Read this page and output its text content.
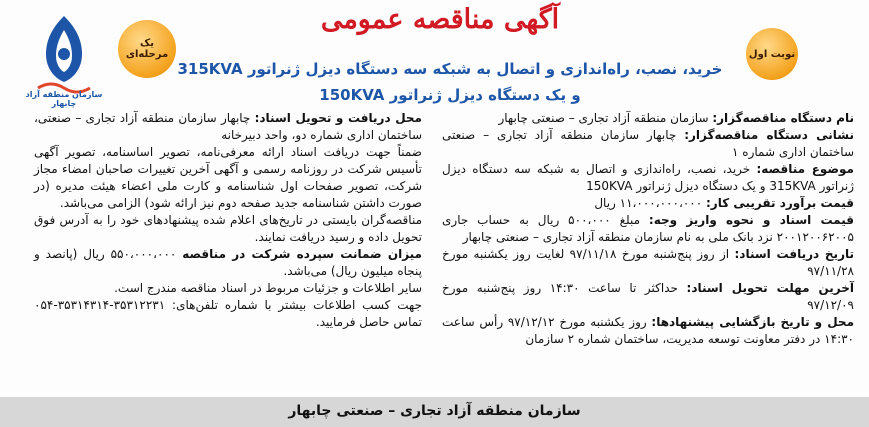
سازمان منطقه آزاد چابهار
یک مرحله‌ای	نوبت اول
آگهی مناقصه عمومی
خرید، نصب، راه‌اندازی و اتصال به شبکه سه دستگاه دیزل ژنراتور 315KVA
و یک دستگاه دیزل ژنراتور 150KVA

نام دستگاه مناقصه‌گزار: سازمان منطقه آزاد تجاری – صنعتی چابهار

نشانی دستگاه مناقصه‌گزار: چابهار سازمان منطقه آزاد تجاری – صنعتی ساختمان اداری شماره ۱

موضوع مناقصه: خرید، نصب، راه‌اندازی و اتصال به شبکه سه دستگاه دیزل ژنراتور 315KVA و یک دستگاه دیزل ژنراتور 150KVA

قیمت برآورد تقریبی کار: ۱۱،۰۰۰،۰۰۰،۰۰۰ ریال

قیمت اسناد و نحوه واریز وجه: مبلغ ۵۰۰،۰۰۰ ریال به حساب جاری ۲۰۰۱۲۰۰۶۲۰۰۵ نزد بانک ملی به نام سازمان منطقه آزاد تجاری – صنعتی چابهار

تاریخ دریافت اسناد: از روز پنج‌شنبه مورخ ۹۷/۱۱/۱۸ لغایت روز یکشنبه مورخ ۹۷/۱۱/۲۸

آخرین مهلت تحویل اسناد: حداکثر تا ساعت ۱۴:۳۰ روز پنج‌شنبه مورخ ۹۷/۱۲/۰۹

محل و تاریخ بازگشایی پیشنهادها: روز یکشنبه مورخ ۹۷/۱۲/۱۲ رأس ساعت ۱۴:۳۰ در دفتر معاونت توسعه مدیریت، ساختمان شماره ۲ سازمان

محل دریافت و تحویل اسناد: چابهار سازمان منطقه آزاد تجاری – صنعتی، ساختمان اداری شماره دو، واحد دبیرخانه

ضمناً جهت دریافت اسناد ارائه معرفی‌نامه، تصویر اساسنامه، تصویر آگهی تأسیس شرکت در روزنامه رسمی و آگهی آخرین تغییرات صاحبان امضاء مجاز شرکت، تصویر صفحات اول شناسنامه و کارت ملی اعضاء هیئت مدیره (در صورت داشتن شناسنامه جدید صفحه دوم نیز ارائه شود) الزامی می‌باشد.

مناقصه‌گران بایستی در تاریخ‌های اعلام شده پیشنهادهای خود را به آدرس فوق تحویل داده و رسید دریافت نمایند.

میزان ضمانت سپرده شرکت در مناقصه ۵۵۰،۰۰۰،۰۰۰ ریال (پانصد و پنجاه میلیون ریال) می‌باشد.

سایر اطلاعات و جزئیات مربوط در اسناد مناقصه مندرج است.

جهت کسب اطلاعات بیشتر با شماره تلفن‌های: ۳۵۳۱۲۲۳۱-۳۵۳۱۴۳۱۴-۰۵۴ تماس حاصل فرمایید.

سازمان منطقه آزاد تجاری – صنعتی چابهار
